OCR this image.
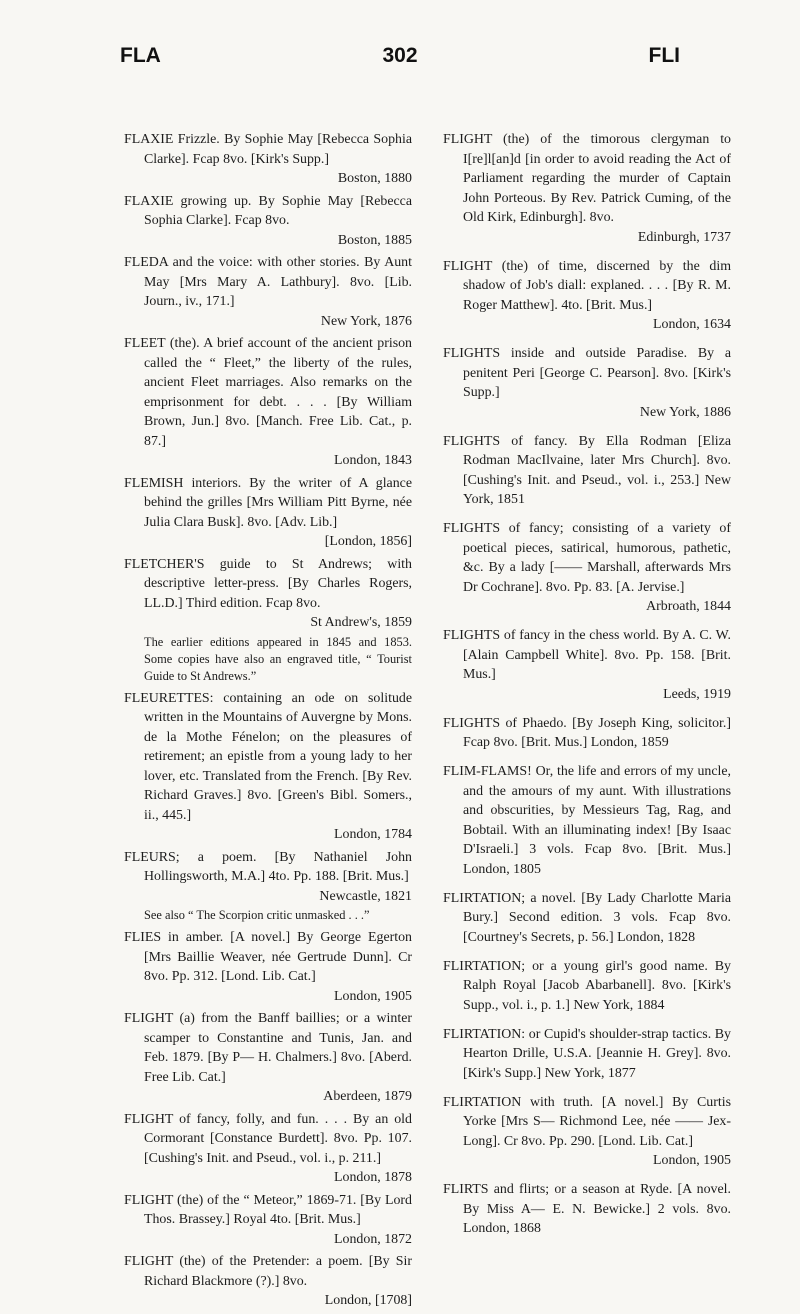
FLA	302	FLI
FLAXIE Frizzle. By Sophie May [Rebecca Sophia Clarke]. Fcap 8vo. [Kirk's Supp.]
Boston, 1880
FLAXIE growing up. By Sophie May [Rebecca Sophia Clarke]. Fcap 8vo.
Boston, 1885
FLEDA and the voice: with other stories. By Aunt May [Mrs Mary A. Lathbury]. 8vo. [Lib. Journ., iv., 171.]
New York, 1876
FLEET (the). A brief account of the ancient prison called the “ Fleet,” the liberty of the rules, ancient Fleet marriages. Also remarks on the emprisonment for debt. . . . [By William Brown, Jun.] 8vo. [Manch. Free Lib. Cat., p. 87.]
London, 1843
FLEMISH interiors. By the writer of A glance behind the grilles [Mrs William Pitt Byrne, née Julia Clara Busk]. 8vo. [Adv. Lib.]
[London, 1856]
FLETCHER'S guide to St Andrews; with descriptive letter-press. [By Charles Rogers, LL.D.] Third edition. Fcap 8vo.
St Andrew's, 1859
The earlier editions appeared in 1845 and 1853. Some copies have also an engraved title, “ Tourist Guide to St Andrews.”
FLEURETTES: containing an ode on solitude written in the Mountains of Auvergne by Mons. de la Mothe Fénelon; on the pleasures of retirement; an epistle from a young lady to her lover, etc. Translated from the French. [By Rev. Richard Graves.] 8vo. [Green's Bibl. Somers., ii., 445.]
London, 1784
FLEURS; a poem. [By Nathaniel John Hollingsworth, M.A.] 4to. Pp. 188. [Brit. Mus.]
Newcastle, 1821
See also “ The Scorpion critic unmasked . . .”
FLIES in amber. [A novel.] By George Egerton [Mrs Baillie Weaver, née Gertrude Dunn]. Cr 8vo. Pp. 312. [Lond. Lib. Cat.]
London, 1905
FLIGHT (a) from the Banff baillies; or a winter scamper to Constantine and Tunis, Jan. and Feb. 1879. [By P— H. Chalmers.] 8vo. [Aberd. Free Lib. Cat.]
Aberdeen, 1879
FLIGHT of fancy, folly, and fun. . . . By an old Cormorant [Constance Burdett]. 8vo. Pp. 107. [Cushing's Init. and Pseud., vol. i., p. 211.]
London, 1878
FLIGHT (the) of the “ Meteor,” 1869-71. [By Lord Thos. Brassey.] Royal 4to. [Brit. Mus.]
London, 1872
FLIGHT (the) of the Pretender: a poem. [By Sir Richard Blackmore (?).] 8vo.
London, [1708]
FLIGHT (the) of the timorous clergyman to I[re]l[an]d [in order to avoid reading the Act of Parliament regarding the murder of Captain John Porteous. By Rev. Patrick Cuming, of the Old Kirk, Edinburgh]. 8vo.
Edinburgh, 1737
FLIGHT (the) of time, discerned by the dim shadow of Job's diall: explaned. . . . [By R. M. Roger Matthew]. 4to. [Brit. Mus.]
London, 1634
FLIGHTS inside and outside Paradise. By a penitent Peri [George C. Pearson]. 8vo. [Kirk's Supp.]
New York, 1886
FLIGHTS of fancy. By Ella Rodman [Eliza Rodman MacIlvaine, later Mrs Church]. 8vo. [Cushing's Init. and Pseud., vol. i., 253.] New York, 1851
FLIGHTS of fancy; consisting of a variety of poetical pieces, satirical, humorous, pathetic, &c. By a lady [—— Marshall, afterwards Mrs Dr Cochrane]. 8vo. Pp. 83. [A. Jervise.]
Arbroath, 1844
FLIGHTS of fancy in the chess world. By A. C. W. [Alain Campbell White]. 8vo. Pp. 158. [Brit. Mus.]
Leeds, 1919
FLIGHTS of Phaedo. [By Joseph King, solicitor.] Fcap 8vo. [Brit. Mus.] London, 1859
FLIM-FLAMS! Or, the life and errors of my uncle, and the amours of my aunt. With illustrations and obscurities, by Messieurs Tag, Rag, and Bobtail. With an illuminating index! [By Isaac D'Israeli.] 3 vols. Fcap 8vo. [Brit. Mus.] London, 1805
FLIRTATION; a novel. [By Lady Charlotte Maria Bury.] Second edition. 3 vols. Fcap 8vo. [Courtney's Secrets, p. 56.] London, 1828
FLIRTATION; or a young girl's good name. By Ralph Royal [Jacob Abarbanell]. 8vo. [Kirk's Supp., vol. i., p. 1.] New York, 1884
FLIRTATION: or Cupid's shoulder-strap tactics. By Hearton Drille, U.S.A. [Jeannie H. Grey]. 8vo. [Kirk's Supp.] New York, 1877
FLIRTATION with truth. [A novel.] By Curtis Yorke [Mrs S— Richmond Lee, née —— Jex-Long]. Cr 8vo. Pp. 290. [Lond. Lib. Cat.]
London, 1905
FLIRTS and flirts; or a season at Ryde. [A novel. By Miss A— E. N. Bewicke.] 2 vols. 8vo. London, 1868
